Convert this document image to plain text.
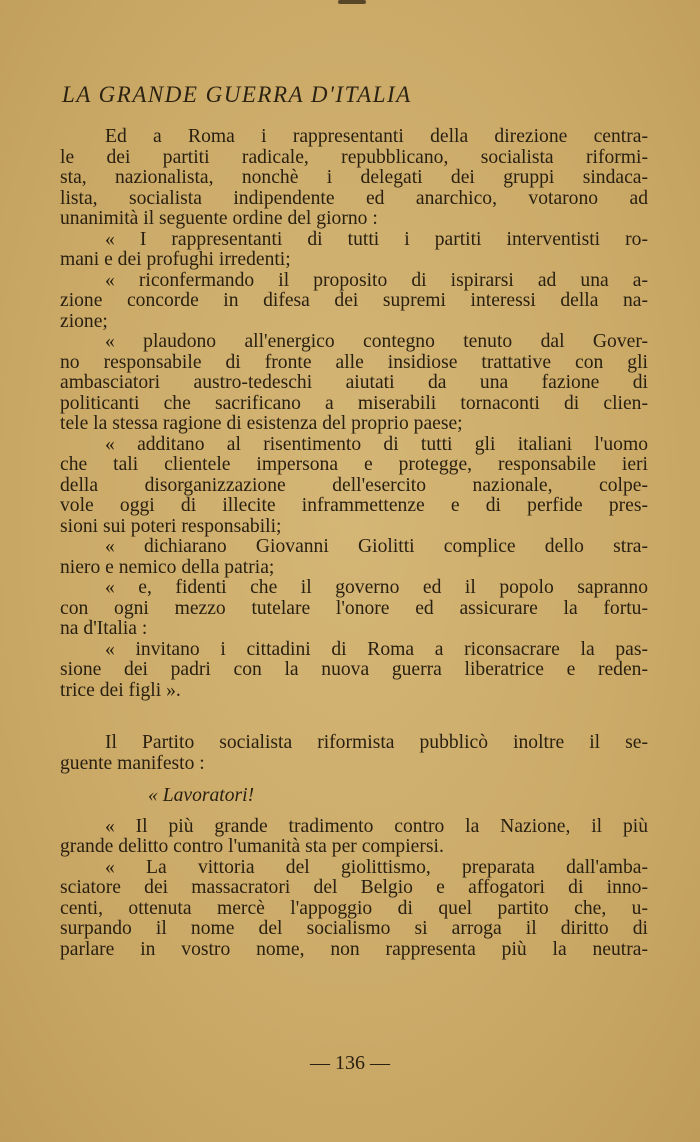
LA GRANDE GUERRA D'ITALIA
Ed a Roma i rappresentanti della direzione centra-
le dei partiti radicale, repubblicano, socialista riformi-
sta, nazionalista, nonchè i delegati dei gruppi sindaca-
lista, socialista indipendente ed anarchico, votarono ad
unanimità il seguente ordine del giorno :
« I rappresentanti di tutti i partiti interventisti ro-
mani e dei profughi irredenti;
« riconfermando il proposito di ispirarsi ad una a-
zione concorde in difesa dei supremi interessi della na-
zione;
« plaudono all'energico contegno tenuto dal Gover-
no responsabile di fronte alle insidiose trattative con gli
ambasciatori austro-tedeschi aiutati da una fazione di
politicanti che sacrificano a miserabili tornaconti di clien-
tele la stessa ragione di esistenza del proprio paese;
« additano al risentimento di tutti gli italiani l'uomo
che tali clientele impersona e protegge, responsabile ieri
della disorganizzazione dell'esercito nazionale, colpe-
vole oggi di illecite inframmettenze e di perfide pres-
sioni sui poteri responsabili;
« dichiarano Giovanni Giolitti complice dello stra-
niero e nemico della patria;
« e, fidenti che il governo ed il popolo sapranno
con ogni mezzo tutelare l'onore ed assicurare la fortu-
na d'Italia :
« invitano i cittadini di Roma a riconsacrare la pas-
sione dei padri con la nuova guerra liberatrice e reden-
trice dei figli ».
Il Partito socialista riformista pubblicò inoltre il se-
guente manifesto :
« Lavoratori!
« Il più grande tradimento contro la Nazione, il più
grande delitto contro l'umanità sta per compiersi.
« La vittoria del giolittismo, preparata dall'amba-
sciatore dei massacratori del Belgio e affogatori di inno-
centi, ottenuta mercè l'appoggio di quel partito che, u-
surpando il nome del socialismo si arroga il diritto di
parlare in vostro nome, non rappresenta più la neutra-
— 136 —
